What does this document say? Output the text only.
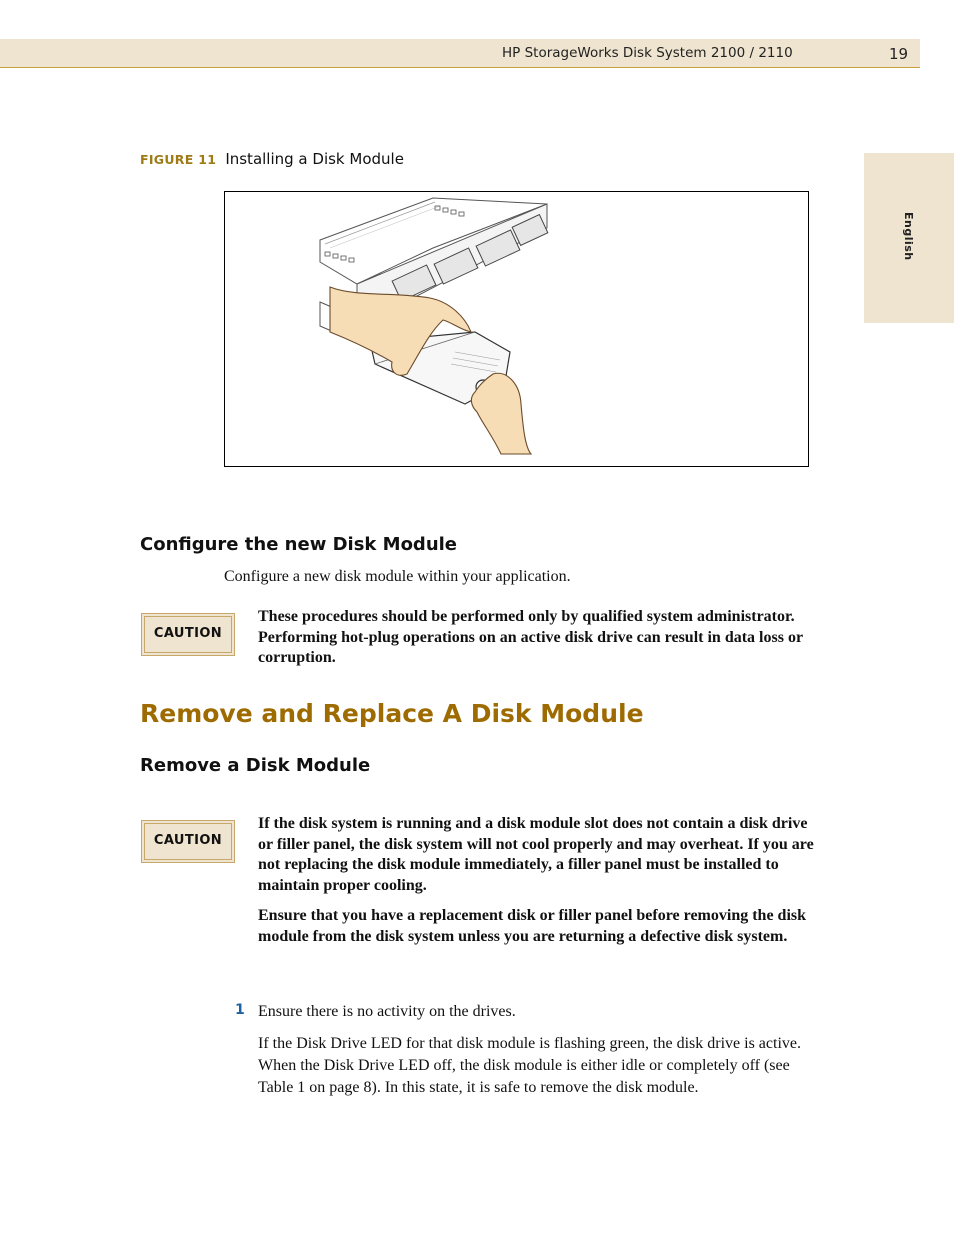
HP StorageWorks Disk System 2100 / 2110	19
English
FIGURE 11 Installing a Disk Module
Configure the new Disk Module

Configure a new disk module within your application.

CAUTION

These procedures should be performed only by qualified system administrator. Performing hot-plug operations on an active disk drive can result in data loss or corruption.

Remove and Replace A Disk Module
Remove a Disk Module
CAUTION

If the disk system is running and a disk module slot does not contain a disk drive or filler panel, the disk system will not cool properly and may overheat. If you are not replacing the disk module immediately, a filler panel must be installed to maintain proper cooling.

Ensure that you have a replacement disk or filler panel before removing the disk module from the disk system unless you are returning a defective disk system.

1 Ensure there is no activity on the drives.

If the Disk Drive LED for that disk module is flashing green, the disk drive is active. When the Disk Drive LED off, the disk module is either idle or completely off (see Table 1 on page 8). In this state, it is safe to remove the disk module.
